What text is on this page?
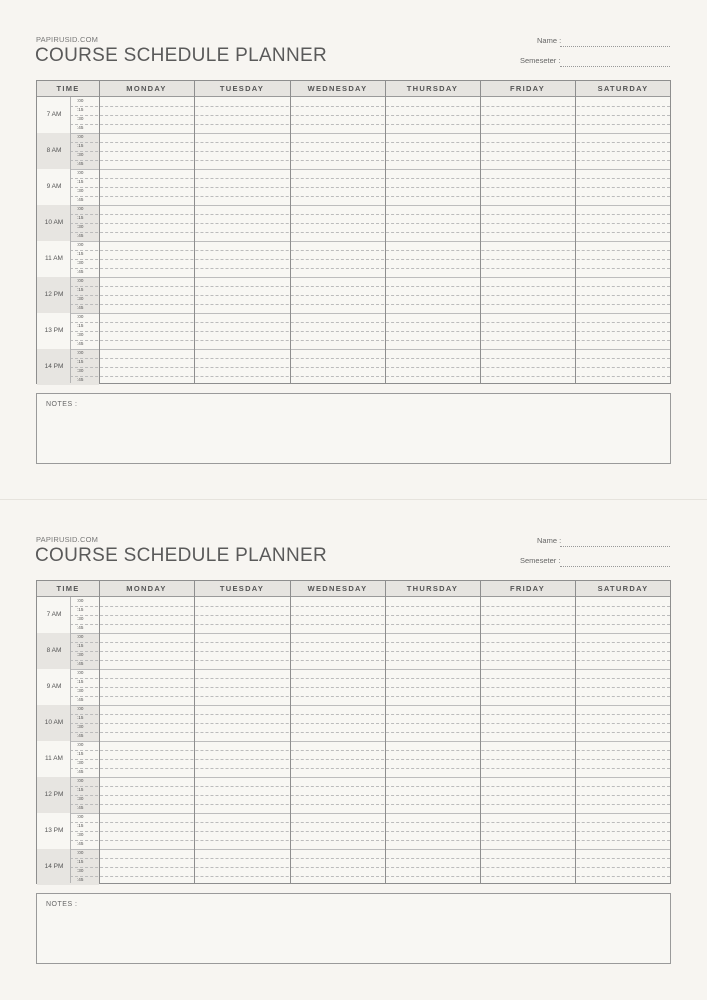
PAPIRUSID.COM
COURSE SCHEDULE PLANNER
Name :
Semeseter :
TIME	MONDAY	TUESDAY	WEDNESDAY	THURSDAY	FRIDAY	SATURDAY
7 AM
:00
:15
:30
:45
8 AM
:00
:15
:30
:45
9 AM
:00
:15
:30
:45
10 AM
:00
:15
:30
:45
11 AM
:00
:15
:30
:45
12 PM
:00
:15
:30
:45
13 PM
:00
:15
:30
:45
14 PM
:00
:15
:30
:45
NOTES :
PAPIRUSID.COM
COURSE SCHEDULE PLANNER
Name :
Semeseter :
TIME	MONDAY	TUESDAY	WEDNESDAY	THURSDAY	FRIDAY	SATURDAY
7 AM
:00
:15
:30
:45
8 AM
:00
:15
:30
:45
9 AM
:00
:15
:30
:45
10 AM
:00
:15
:30
:45
11 AM
:00
:15
:30
:45
12 PM
:00
:15
:30
:45
13 PM
:00
:15
:30
:45
14 PM
:00
:15
:30
:45
NOTES :
